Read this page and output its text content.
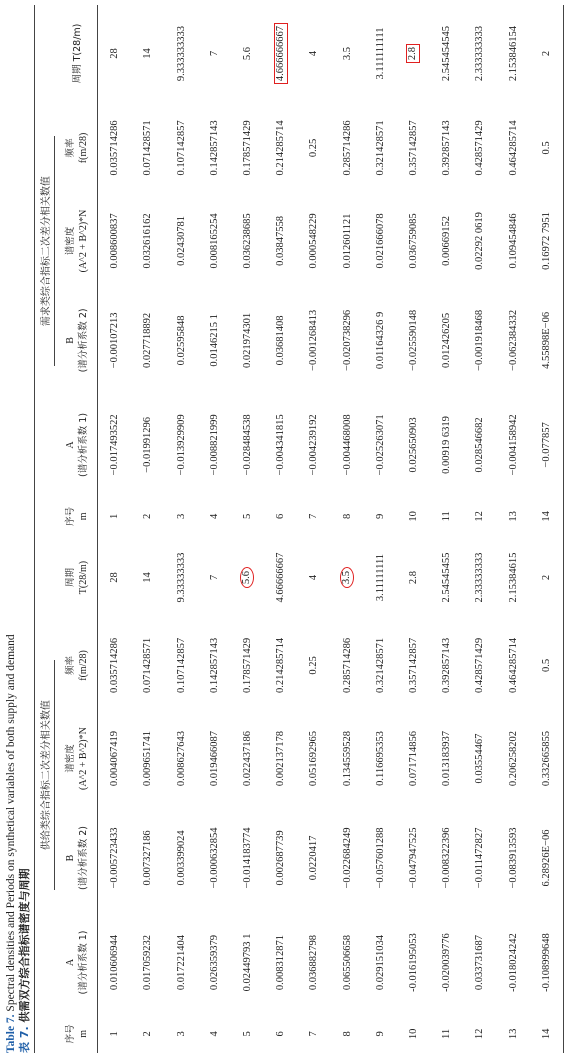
Table 7. Spectral densities and Periods on synthetical variables of both supply and demand
表 7. 供需双方综合指标谱密度与周期
	供给类综合指标二次差分相关数值						需求类综合指标二次差分相关数值				
序号 m	A (谱分析系数 1)	B (谱分析系数 2)	谱密度 (A^2 + B^2)*N	频率 f(m/28)	周期 T(28/m)	序号 m	A (谱分析系数 1)	B (谱分析系数 2)	谱密度 (A^2 + B^2)*N	频率 f(m/28)	周期 T(28/m)
1	0.010606944	−0.005723433	0.004067419	0.035714286	28	1	−0.017493522	−0.00107213	0.008600837	0.035714286	28
2	0.017059232	0.007327186	0.009651741	0.071428571	14	2	−0.01991296	0.027718892	0.032616162	0.071428571	14
3	0.017221404	0.003399024	0.008627643	0.107142857	9.33333333	3	−0.013929909	0.02595848	0.02430781	0.107142857	9.333333333
4	0.026359379	−0.000632854	0.019466087	0.142857143	7	4	−0.008821999	0.0146215 1	0.008165254	0.142857143	7
5	0.02449793 1	−0.014183774	0.022437186	0.178571429	5.6	5	−0.028484538	0.021974301	0.036238685	0.178571429	5.6
6	0.008312871	0.002687739	0.002137178	0.214285714	4.66666667	6	−0.004341815	0.03681408	0.03847558	0.214285714	4.666666667
7	0.036882798	0.0220417	0.051692965	0.25	4	7	−0.004239192	−0.001268413	0.000548229	0.25	4
8	0.065506658	−0.022684249	0.134559528	0.285714286	3.5	8	−0.004468008	−0.020738296	0.012601121	0.285714286	3.5
9	0.029151034	−0.057601288	0.116695353	0.321428571	3.11111111	9	−0.025263071	0.01164326 9	0.021666078	0.321428571	3.111111111
10	-0.016195053	−0.047947525	0.071714856	0.357142857	2.8	10	0.025650903	−0.025590148	0.036759085	0.357142857	2.8
11	-0.020039776	−0.008322396	0.013183937	0.392857143	2.54545455	11	0.00919 6319	0.012426205	0.00669152	0.392857143	2.545454545
12	0.033731687	−0.011472827	0.03554467	0.428571429	2.33333333	12	0.028546682	−0.001918468	0.02292 0619	0.428571429	2.333333333
13	-0.018024242	−0.083913593	0.206258202	0.464285714	2.15384615	13	−0.004158942	−0.062384332	0.109454846	0.464285714	2.153846154
14	-0.108999648	6.28926E−06	0.332665855	0.5	2	14	−0.077857	4.55898E−06	0.16972 7951	0.5	2
